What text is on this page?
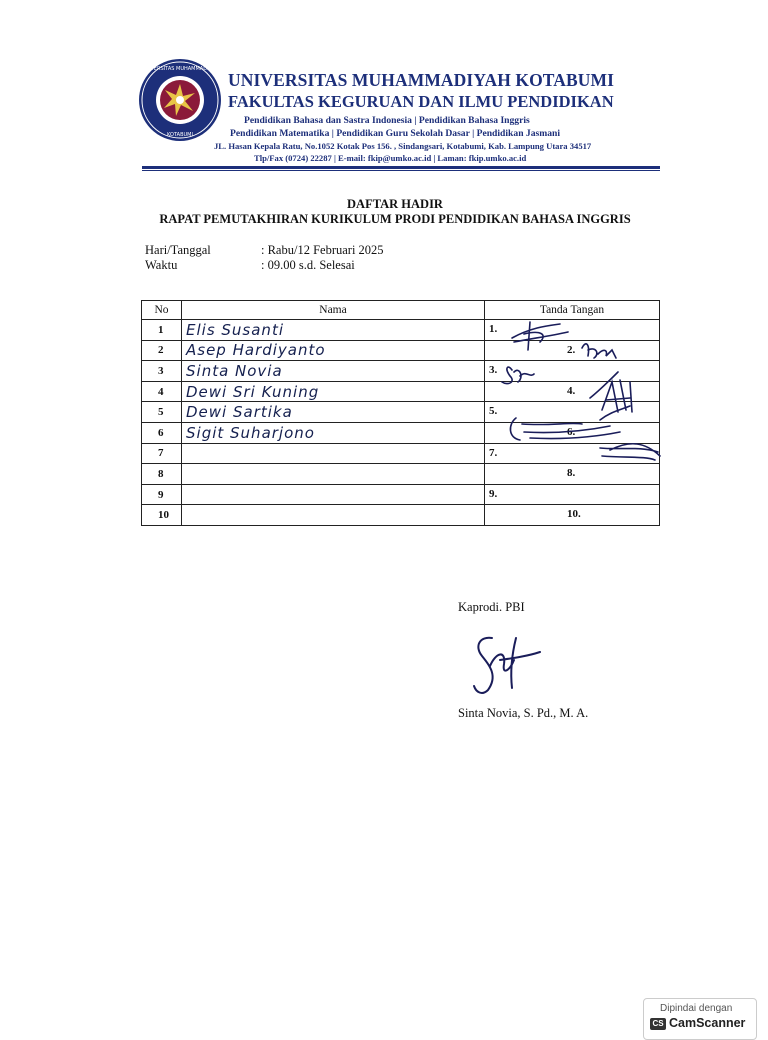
UNIVERSITAS MUHAMMADIYAH
KOTABUMI
UNIVERSITAS MUHAMMADIYAH KOTABUMI
FAKULTAS KEGURUAN DAN ILMU PENDIDIKAN
Pendidikan Bahasa dan Sastra Indonesia | Pendidikan Bahasa Inggris
Pendidikan Matematika | Pendidikan Guru Sekolah Dasar | Pendidikan Jasmani
JL. Hasan Kepala Ratu, No.1052 Kotak Pos 156. , Sindangsari, Kotabumi, Kab. Lampung Utara 34517
Tlp/Fax (0724) 22287 | E-mail: fkip@umko.ac.id | Laman: fkip.umko.ac.id
DAFTAR HADIR
RAPAT PEMUTAKHIRAN KURIKULUM PRODI PENDIDIKAN BAHASA INGGRIS
Hari/Tanggal	: Rabu/12 Februari 2025
Waktu	: 09.00 s.d. Selesai
No	Nama	Tanda Tangan
1	Elis Susanti	1.

2	Asep Hardiyanto	2.

3	Sinta Novia	3.

4	Dewi Sri Kuning	4.

5	Dewi Sartika	5.

6	Sigit Suharjono	6.

7		7.

8		8.

9		9.

10		10.
Kaprodi. PBI
Sinta Novia, S. Pd., M. A.
Dipindai dengan
CS CamScanner
